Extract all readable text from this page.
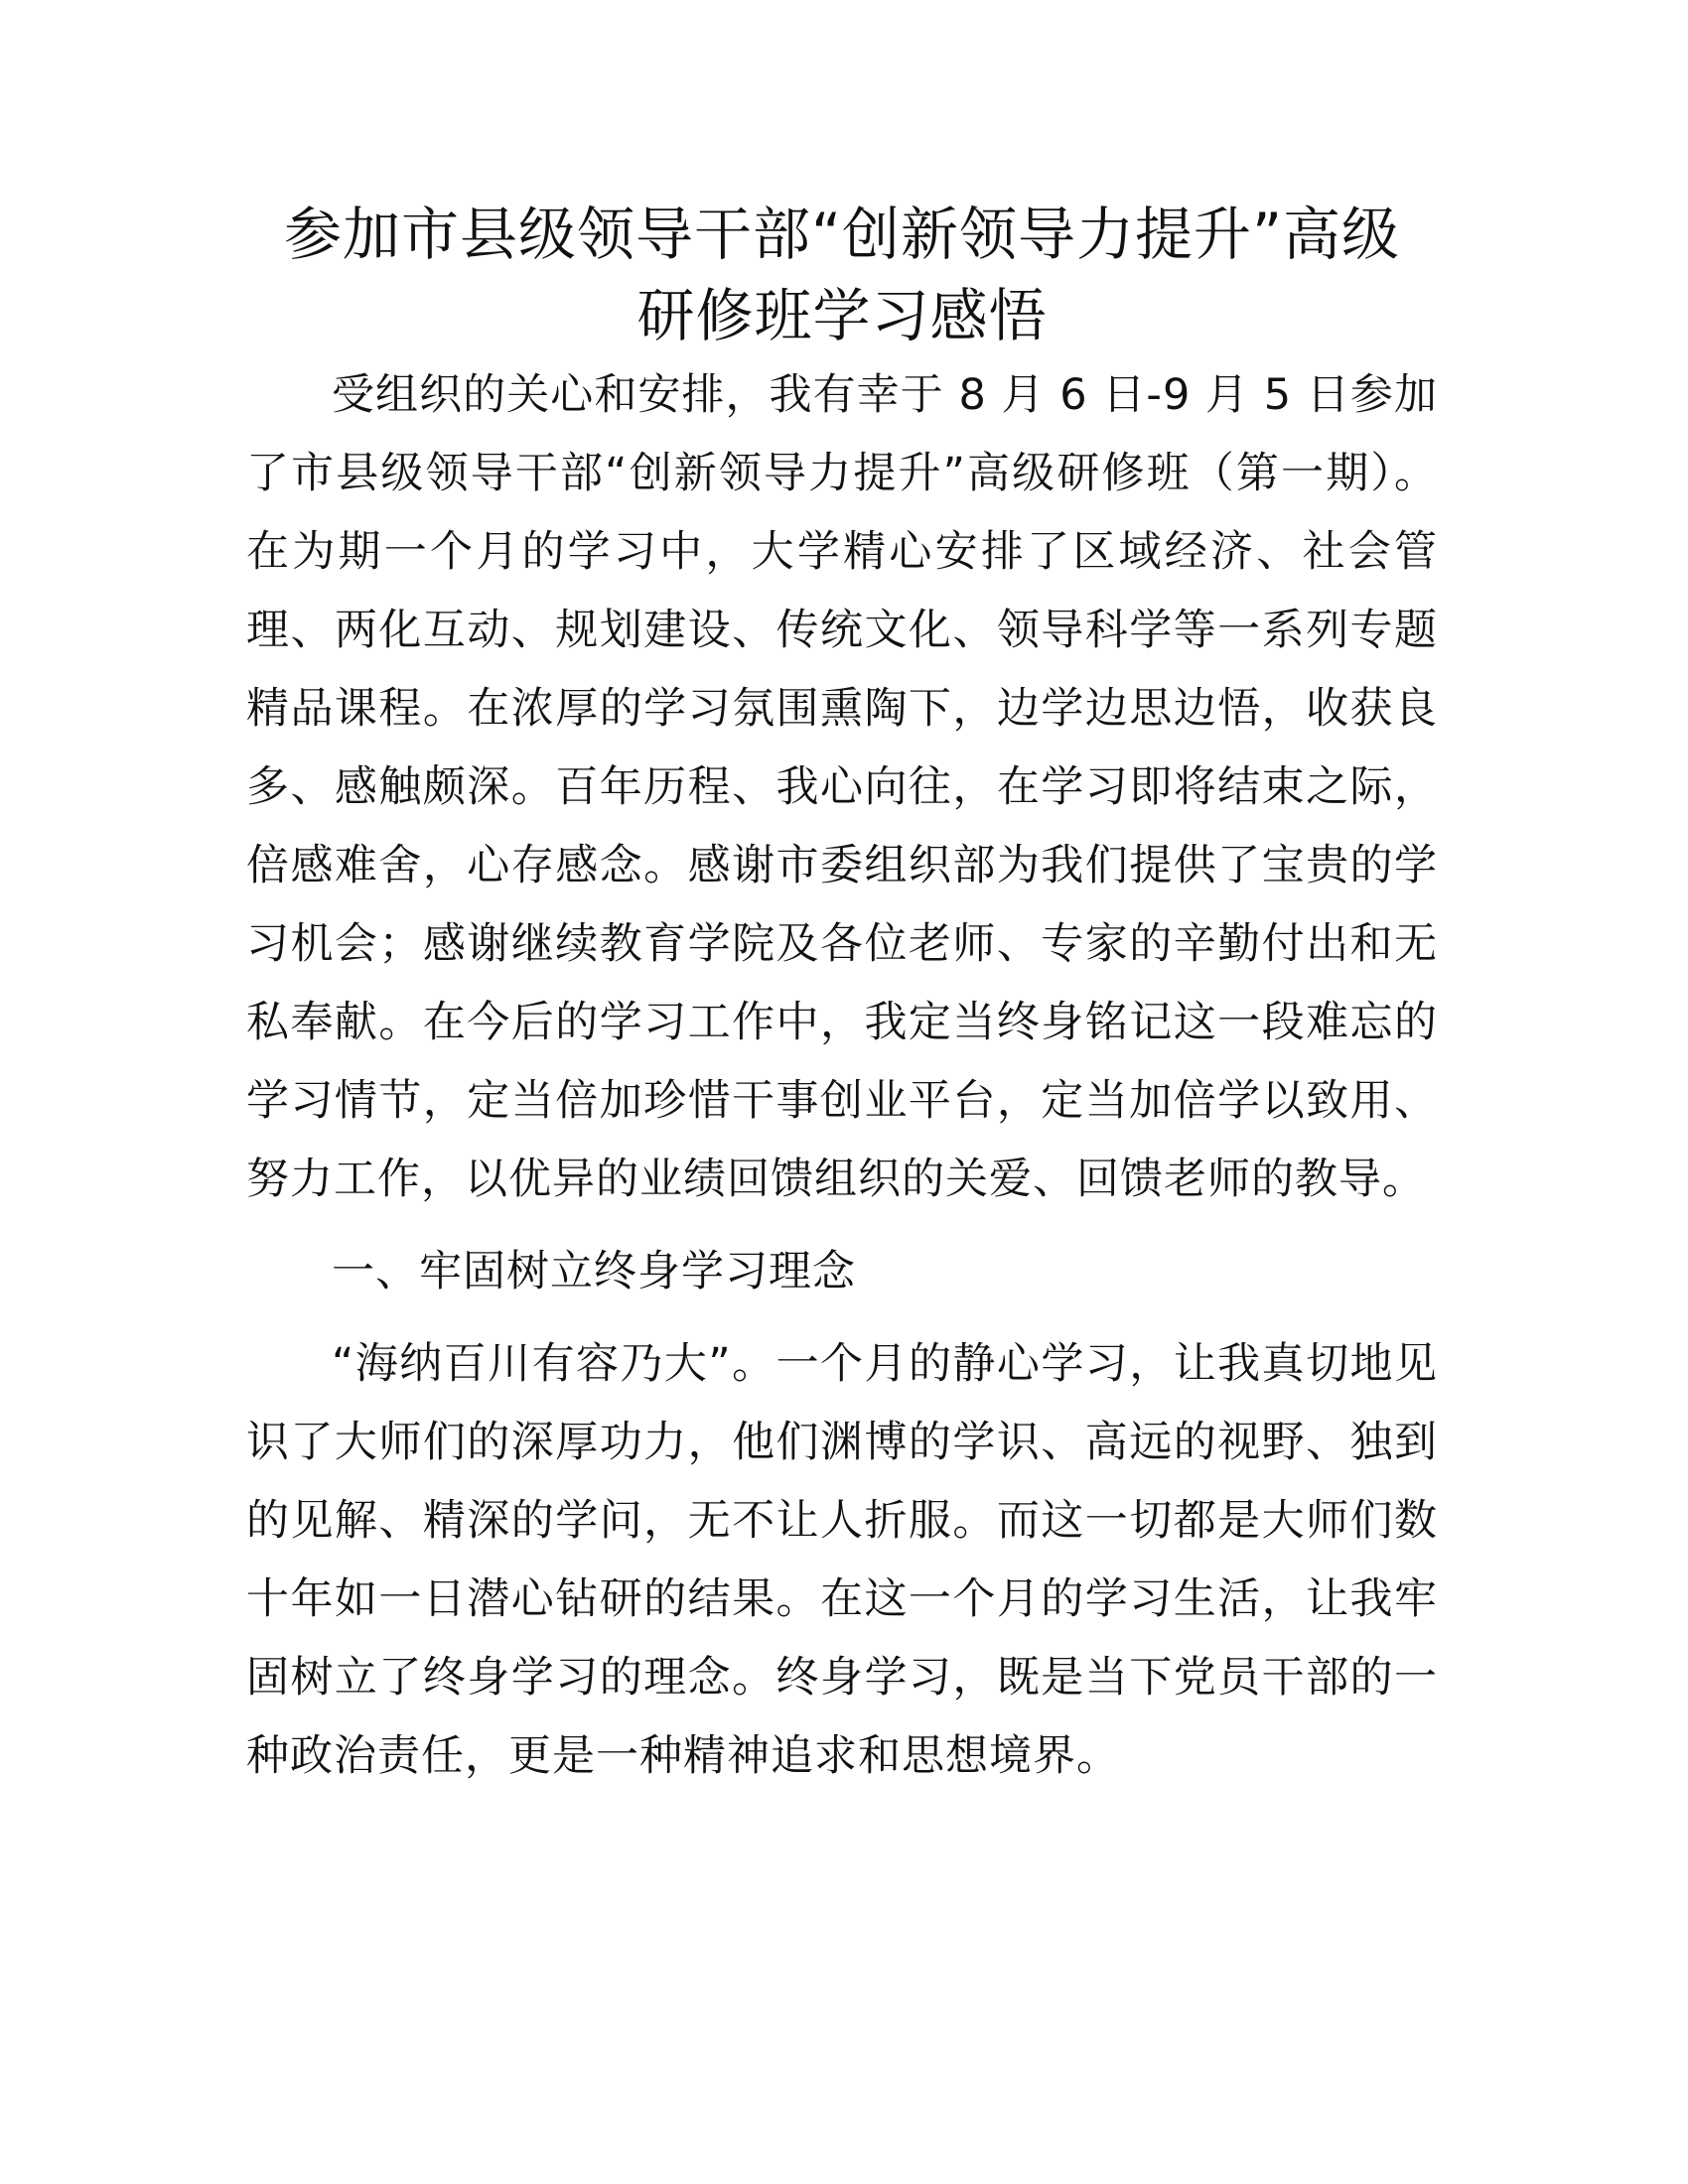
参加市县级领导干部“创新领导力提升”高级
研修班学习感悟

受组织的关心和安排，我有幸于 8 月 6 日-9 月 5 日参加了市县级领导干部“创新领导力提升”高级研修班（第一期）。在为期一个月的学习中，大学精心安排了区域经济、社会管理、两化互动、规划建设、传统文化、领导科学等一系列专题精品课程。在浓厚的学习氛围熏陶下，边学边思边悟，收获良多、感触颇深。百年历程、我心向往，在学习即将结束之际，倍感难舍，心存感念。感谢市委组织部为我们提供了宝贵的学习机会；感谢继续教育学院及各位老师、专家的辛勤付出和无私奉献。在今后的学习工作中，我定当终身铭记这一段难忘的学习情节，定当倍加珍惜干事创业平台，定当加倍学以致用、努力工作，以优异的业绩回馈组织的关爱、回馈老师的教导。

一、牢固树立终身学习理念

“海纳百川有容乃大”。一个月的静心学习，让我真切地见识了大师们的深厚功力，他们渊博的学识、高远的视野、独到的见解、精深的学问，无不让人折服。而这一切都是大师们数十年如一日潜心钻研的结果。在这一个月的学习生活，让我牢固树立了终身学习的理念。终身学习，既是当下党员干部的一种政治责任，更是一种精神追求和思想境界。
